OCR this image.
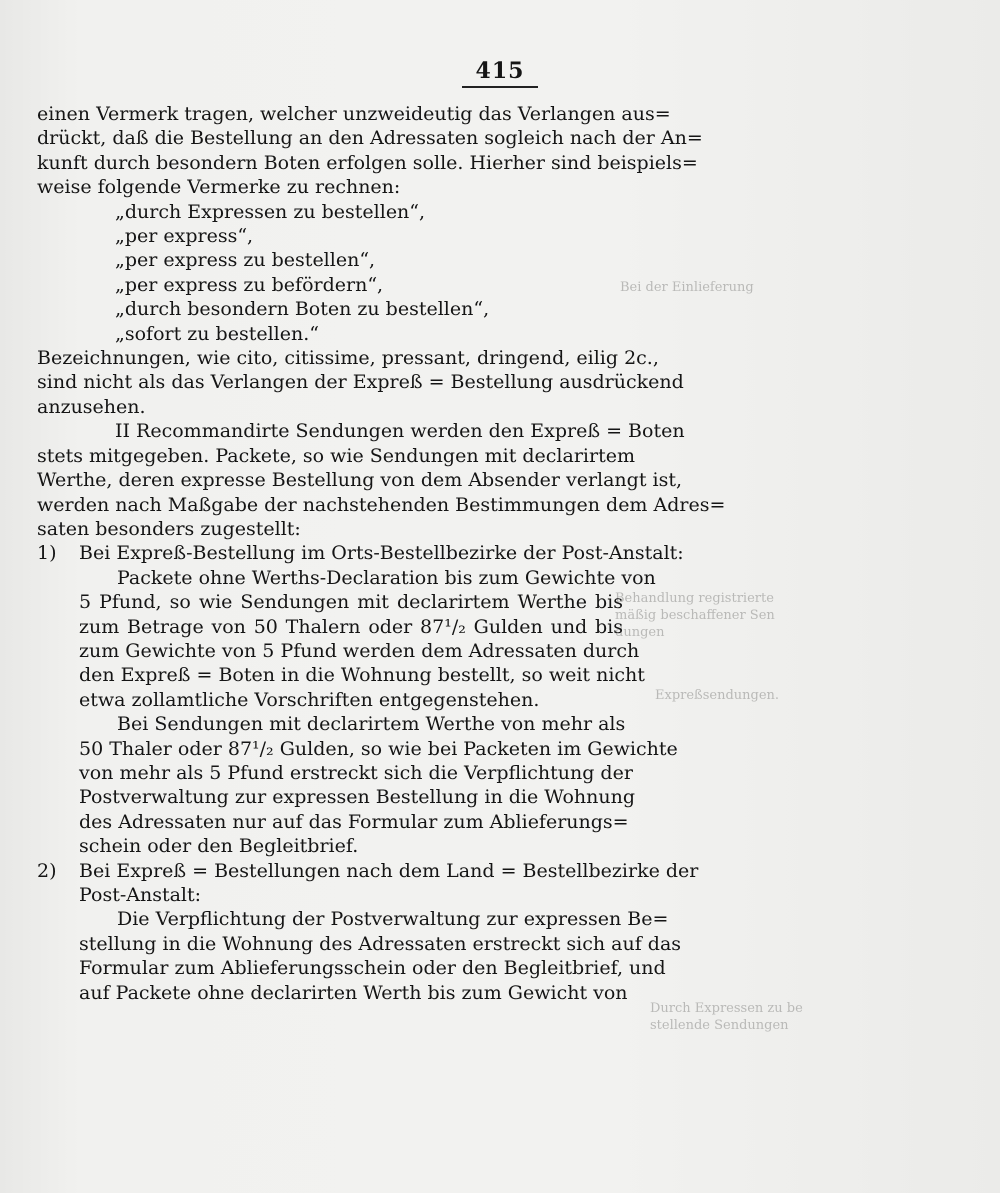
Bei der Einlieferung
Behandlung registrierte
mäßig beschaffener Sen
dungen
Expreßsendungen.
Durch Expressen zu be
stellende Sendungen
415
einen Vermerk tragen, welcher unzweideutig das Verlangen aus=
drückt, daß die Bestellung an den Adressaten sogleich nach der An=
kunft durch besondern Boten erfolgen solle. Hierher sind beispiels=
weise folgende Vermerke zu rechnen:
„durch Expressen zu bestellen“,
„per express“,
„per express zu bestellen“,
„per express zu befördern“,
„durch besondern Boten zu bestellen“,
„sofort zu bestellen.“
Bezeichnungen, wie cito, citissime, pressant, dringend, eilig 2c.,
sind nicht als das Verlangen der Expreß = Bestellung ausdrückend
anzusehen.
II Recommandirte Sendungen werden den Expreß = Boten
stets mitgegeben. Packete, so wie Sendungen mit declarirtem
Werthe, deren expresse Bestellung von dem Absender verlangt ist,
werden nach Maßgabe der nachstehenden Bestimmungen dem Adres=
saten besonders zugestellt:
1) Bei Expreß-Bestellung im Orts-Bestellbezirke der Post-Anstalt:
Packete ohne Werths-Declaration bis zum Gewichte von
5 Pfund, so wie Sendungen mit declarirtem Werthe bis
zum Betrage von 50 Thalern oder 87¹/₂ Gulden und bis
zum Gewichte von 5 Pfund werden dem Adressaten durch
den Expreß = Boten in die Wohnung bestellt, so weit nicht
etwa zollamtliche Vorschriften entgegenstehen.
Bei Sendungen mit declarirtem Werthe von mehr als
50 Thaler oder 87¹/₂ Gulden, so wie bei Packeten im Gewichte
von mehr als 5 Pfund erstreckt sich die Verpflichtung der
Postverwaltung zur expressen Bestellung in die Wohnung
des Adressaten nur auf das Formular zum Ablieferungs=
schein oder den Begleitbrief.
2) Bei Expreß = Bestellungen nach dem Land = Bestellbezirke der
Post-Anstalt:
Die Verpflichtung der Postverwaltung zur expressen Be=
stellung in die Wohnung des Adressaten erstreckt sich auf das
Formular zum Ablieferungsschein oder den Begleitbrief, und
auf Packete ohne declarirten Werth bis zum Gewicht von
